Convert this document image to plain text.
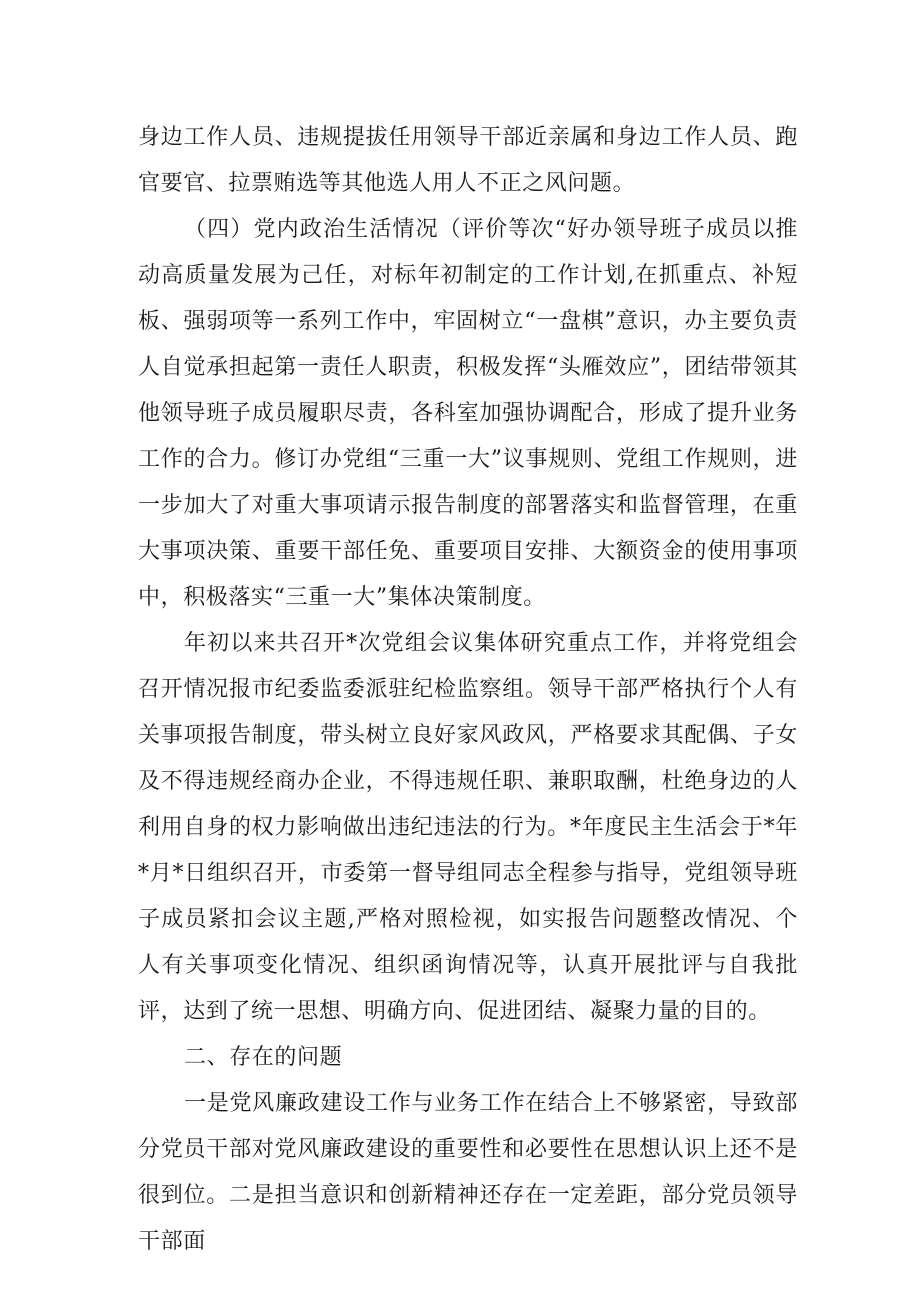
身边工作人员、违规提拔任用领导干部近亲属和身边工作人员、跑官要官、拉票贿选等其他选人用人不正之风问题。

（四）党内政治生活情况（评价等次“好办领导班子成员以推动高质量发展为己任，对标年初制定的工作计划,在抓重点、补短板、强弱项等一系列工作中，牢固树立“一盘棋”意识，办主要负责人自觉承担起第一责任人职责，积极发挥“头雁效应”，团结带领其他领导班子成员履职尽责，各科室加强协调配合，形成了提升业务工作的合力。修订办党组“三重一大”议事规则、党组工作规则，进一步加大了对重大事项请示报告制度的部署落实和监督管理，在重大事项决策、重要干部任免、重要项目安排、大额资金的使用事项中，积极落实“三重一大”集体决策制度。

年初以来共召开*次党组会议集体研究重点工作，并将党组会召开情况报市纪委监委派驻纪检监察组。领导干部严格执行个人有关事项报告制度，带头树立良好家风政风，严格要求其配偶、子女及不得违规经商办企业，不得违规任职、兼职取酬，杜绝身边的人利用自身的权力影响做出违纪违法的行为。*年度民主生活会于*年*月*日组织召开，市委第一督导组同志全程参与指导，党组领导班子成员紧扣会议主题,严格对照检视，如实报告问题整改情况、个人有关事项变化情况、组织函询情况等，认真开展批评与自我批评，达到了统一思想、明确方向、促进团结、凝聚力量的目的。

二、存在的问题

一是党风廉政建设工作与业务工作在结合上不够紧密，导致部分党员干部对党风廉政建设的重要性和必要性在思想认识上还不是很到位。二是担当意识和创新精神还存在一定差距，部分党员领导干部面
